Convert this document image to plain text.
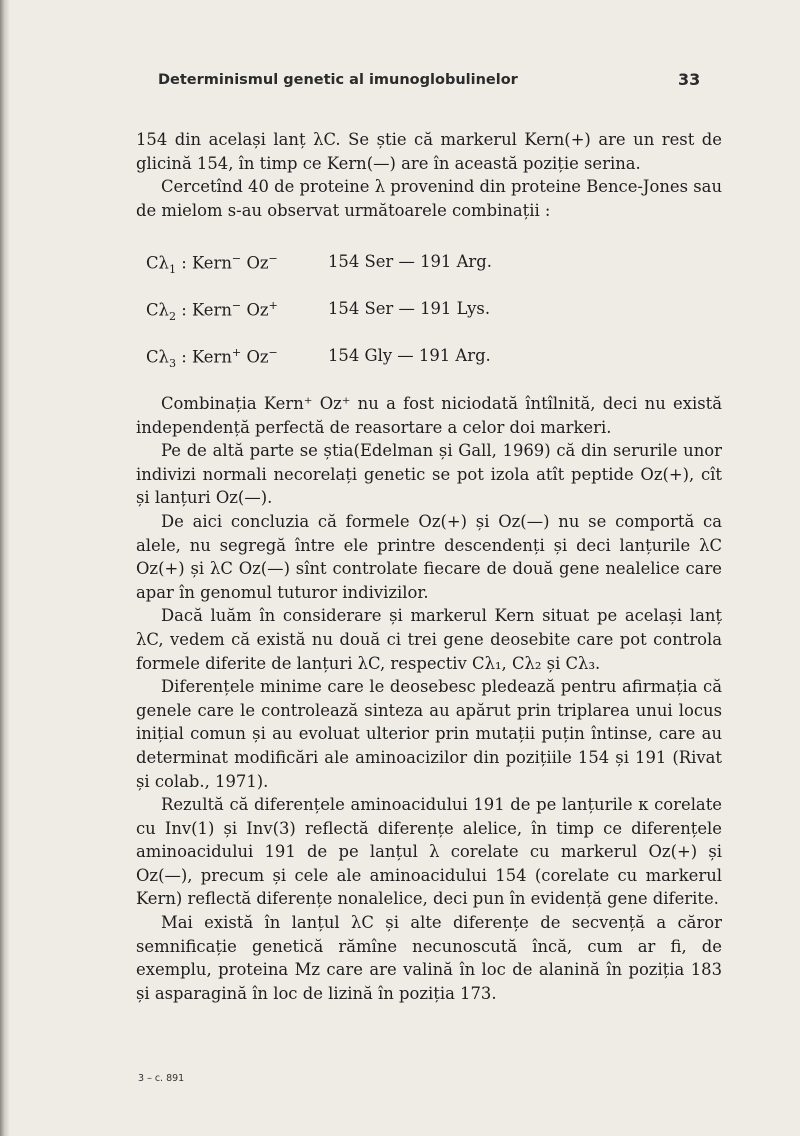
Determinismul genetic al imunoglobulinelor	33

154 din același lanț λC. Se știe că markerul Kern(+) are un rest de glicină 154, în timp ce Kern(—) are în această poziție serina.

Cercetînd 40 de proteine λ provenind din proteine Bence-Jones sau de mielom s-au observat următoarele combinații :

$C\lambda_1$ : Kern− Oz−	154 Ser — 191 Arg.
$C\lambda_2$ : Kern− Oz+	154 Ser — 191 Lys.
$C\lambda_3$ : Kern+ Oz−	154 Gly — 191 Arg.

Combinația Kern⁺ Oz⁺ nu a fost niciodată întîlnită, deci nu există independență perfectă de reasortare a celor doi markeri.

Pe de altă parte se știa(Edelman și Gall, 1969) că din serurile unor indivizi normali necorelați genetic se pot izola atît peptide Oz(+), cît și lanțuri Oz(—).

De aici concluzia că formele Oz(+) și Oz(—) nu se comportă ca alele, nu segregă între ele printre descendenți și deci lanțurile λC Oz(+) și λC Oz(—) sînt controlate fiecare de două gene nealelice care apar în genomul tuturor indivizilor.

Dacă luăm în considerare și markerul Kern situat pe același lanț λC, vedem că există nu două ci trei gene deosebite care pot controla formele diferite de lanțuri λC, respectiv Cλ₁, Cλ₂ și Cλ₃.

Diferențele minime care le deosebesc pledează pentru afirmația că genele care le controlează sinteza au apărut prin triplarea unui locus inițial comun și au evoluat ulterior prin mutații puțin întinse, care au determinat modificări ale aminoacizilor din pozițiile 154 și 191 (Rivat și colab., 1971).

Rezultă că diferențele aminoacidului 191 de pe lanțurile κ corelate cu Inv(1) și Inv(3) reflectă diferențe alelice, în timp ce diferențele aminoacidului 191 de pe lanțul λ corelate cu markerul Oz(+) și Oz(—), precum și cele ale aminoacidului 154 (corelate cu markerul Kern) reflectă diferențe nonalelice, deci pun în evidență gene diferite.

Mai există în lanțul λC și alte diferențe de secvență a căror semnificație genetică rămîne necunoscută încă, cum ar fi, de exemplu, proteina Mz care are valină în loc de alanină în poziția 183 și asparagină în loc de lizină în poziția 173.

3 – c. 891
